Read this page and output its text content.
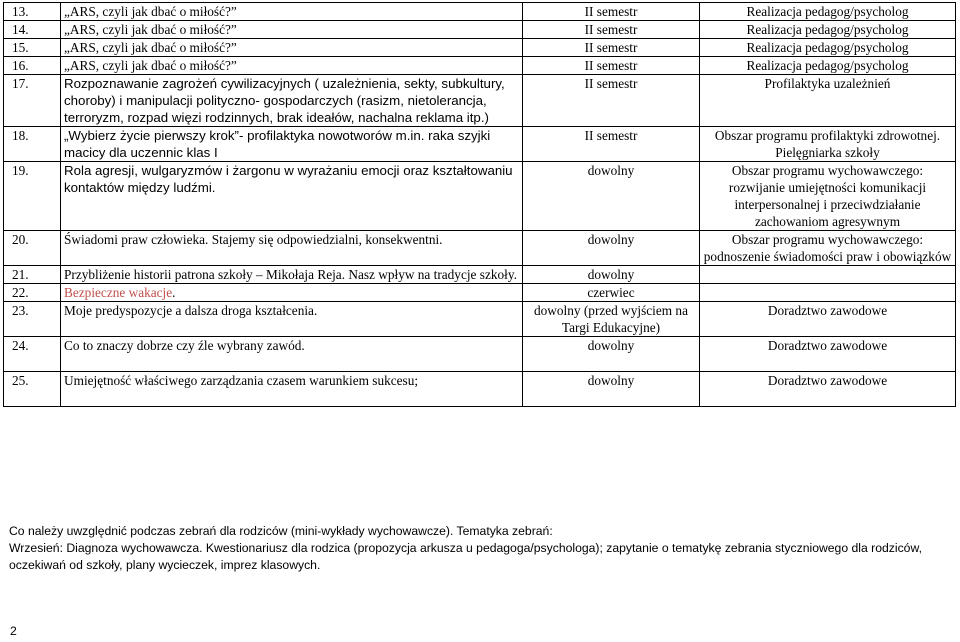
13.	„ARS, czyli jak dbać o miłość?”	II semestr	Realizacja pedagog/psycholog
14.	„ARS, czyli jak dbać o miłość?”	II semestr	Realizacja pedagog/psycholog
15.	„ARS, czyli jak dbać o miłość?”	II semestr	Realizacja pedagog/psycholog
16.	„ARS, czyli jak dbać o miłość?”	II semestr	Realizacja pedagog/psycholog
17.	Rozpoznawanie zagrożeń cywilizacyjnych ( uzależnienia, sekty, subkultury, choroby) i manipulacji polityczno- gospodarczych (rasizm, nietolerancja, terroryzm, rozpad więzi rodzinnych, brak ideałów, nachalna reklama itp.)	II semestr	Profilaktyka uzależnień
18.	„Wybierz życie pierwszy krok”- profilaktyka nowotworów m.in. raka szyjki macicy dla uczennic klas I	II semestr	Obszar programu profilaktyki zdrowotnej. Pielęgniarka szkoły
19.	Rola agresji, wulgaryzmów i żargonu w wyrażaniu emocji oraz kształtowaniu kontaktów między ludźmi.	dowolny	Obszar programu wychowawczego: rozwijanie umiejętności komunikacji interpersonalnej i przeciwdziałanie zachowaniom agresywnym
20.	Świadomi praw człowieka. Stajemy się odpowiedzialni, konsekwentni.	dowolny	Obszar programu wychowawczego: podnoszenie świadomości praw i obowiązków
21.	Przybliżenie historii patrona szkoły – Mikołaja Reja. Nasz wpływ na tradycje szkoły.	dowolny	
22.	Bezpieczne wakacje.	czerwiec	
23.	Moje predyspozycje a dalsza droga kształcenia.	dowolny (przed wyjściem na Targi Edukacyjne)	Doradztwo zawodowe
24.	Co to znaczy dobrze czy źle wybrany zawód.	dowolny	Doradztwo zawodowe
25.	Umiejętność właściwego zarządzania czasem warunkiem sukcesu;	dowolny	Doradztwo zawodowe
Co należy uwzględnić podczas zebrań dla rodziców (mini-wykłady wychowawcze). Tematyka zebrań:
Wrzesień: Diagnoza wychowawcza. Kwestionariusz dla rodzica (propozycja arkusza u pedagoga/psychologa); zapytanie o tematykę zebrania styczniowego dla rodziców, oczekiwań od szkoły, plany wycieczek, imprez klasowych.
2
